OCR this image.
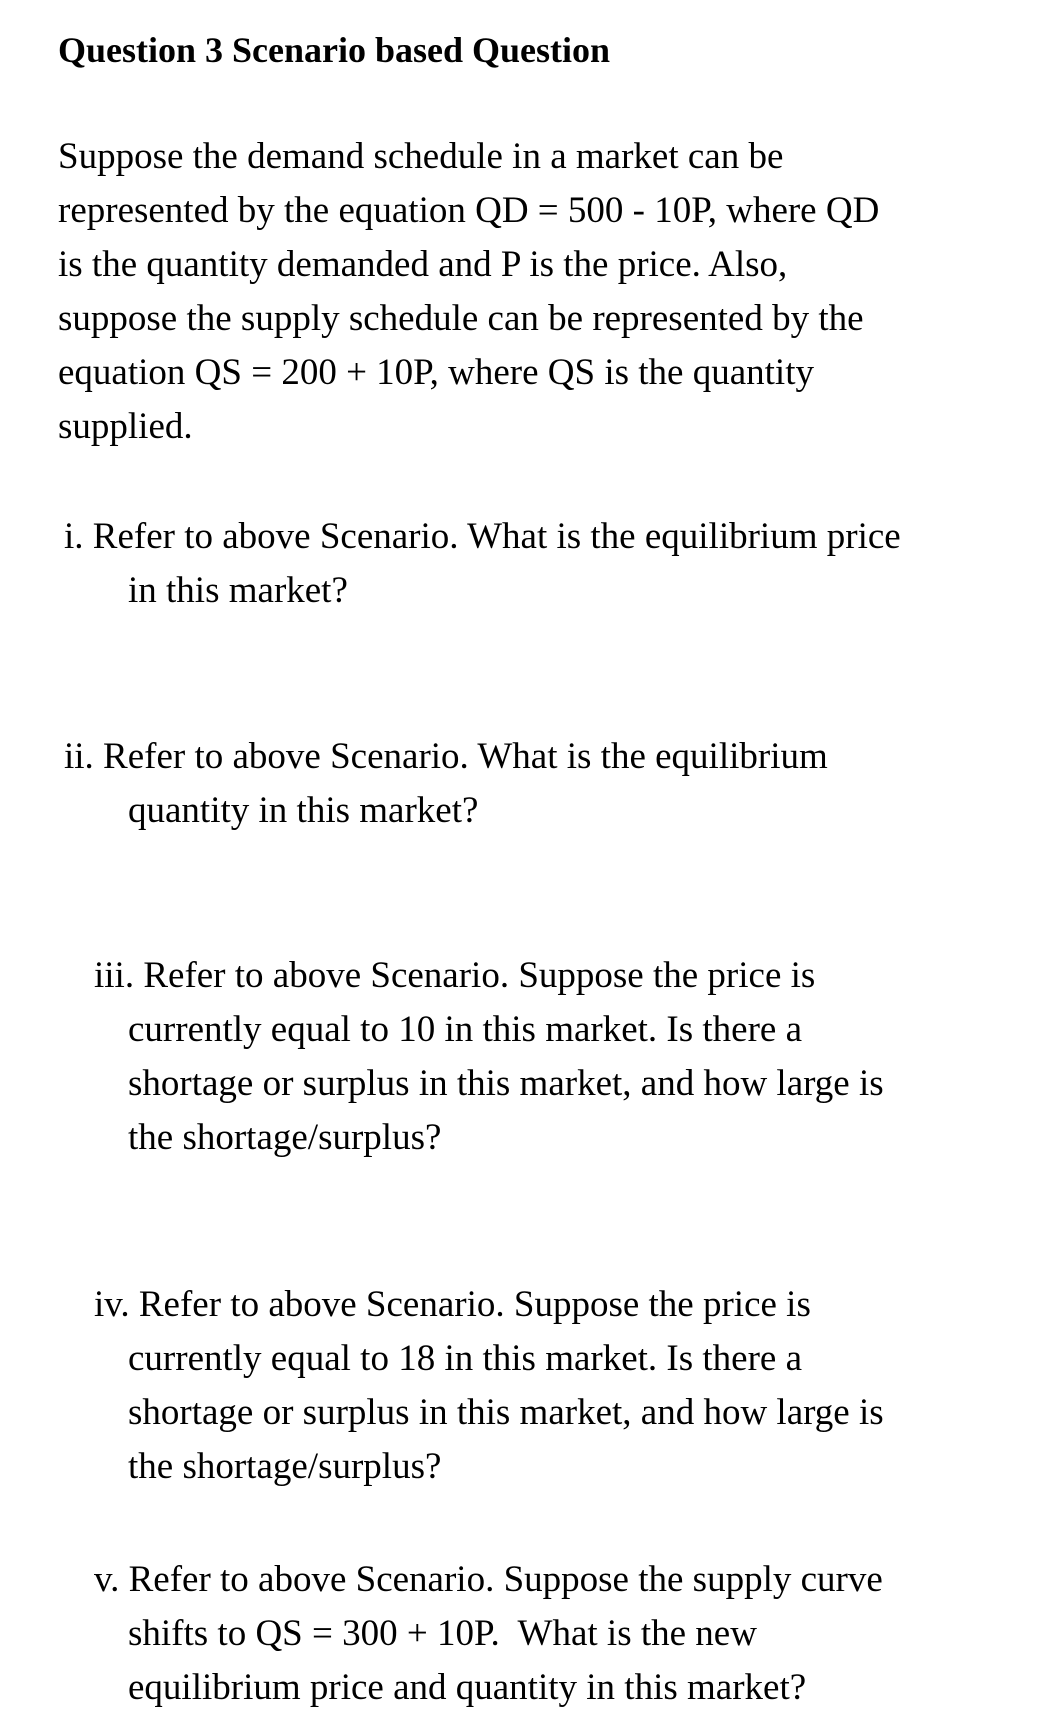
Question 3 Scenario based Question
Suppose the demand schedule in a market can be
represented by the equation QD = 500 - 10P, where QD
is the quantity demanded and P is the price. Also,
suppose the supply schedule can be represented by the
equation QS = 200 + 10P, where QS is the quantity
supplied.
i. Refer to above Scenario. What is the equilibrium price
in this market?
ii. Refer to above Scenario. What is the equilibrium
quantity in this market?
iii. Refer to above Scenario. Suppose the price is
currently equal to 10 in this market. Is there a
shortage or surplus in this market, and how large is
the shortage/surplus?
iv. Refer to above Scenario. Suppose the price is
currently equal to 18 in this market. Is there a
shortage or surplus in this market, and how large is
the shortage/surplus?
v. Refer to above Scenario. Suppose the supply curve
shifts to QS = 300 + 10P.  What is the new
equilibrium price and quantity in this market?
